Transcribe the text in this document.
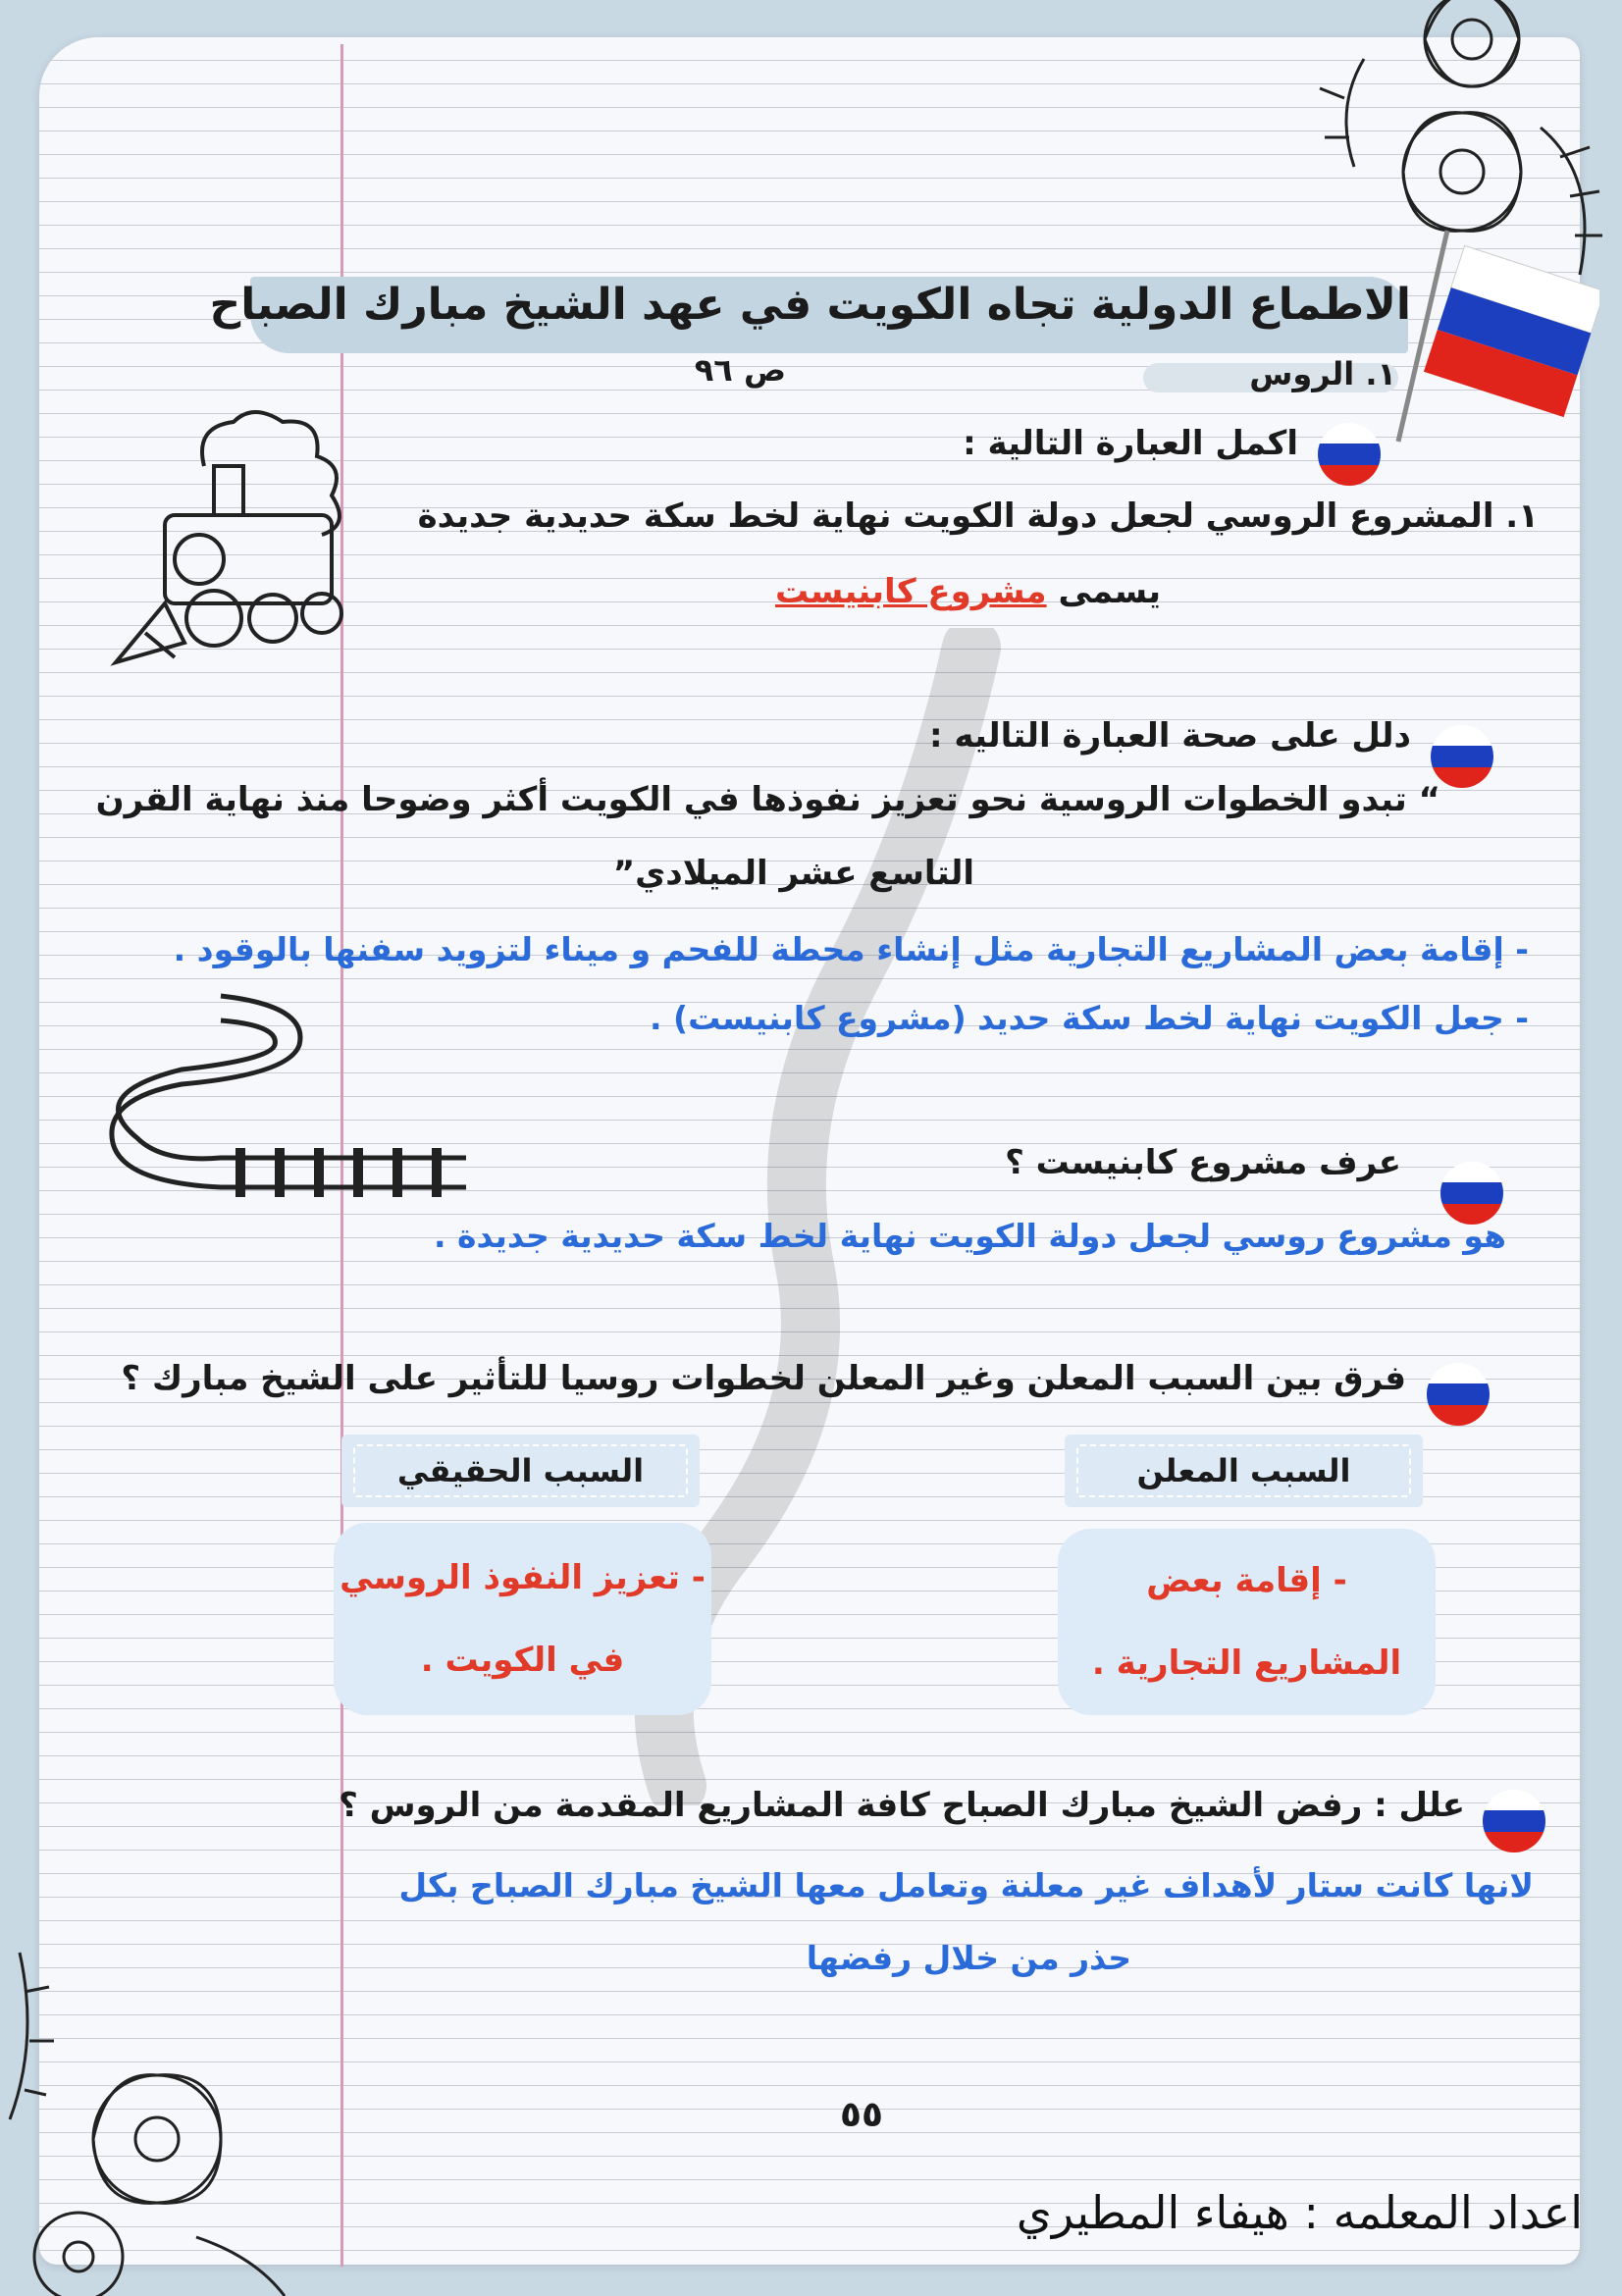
الاطماع الدولية تجاه الكويت في عهد الشيخ مبارك الصباح
١. الروس
ص ٩٦
اكمل العبارة التالية :
١. المشروع الروسي لجعل دولة الكويت نهاية لخط سكة حديدية جديدة
يسمى مشروع كابنيست
دلل على صحة العبارة التاليه :
“ تبدو الخطوات الروسية نحو تعزيز نفوذها في الكويت أكثر وضوحا منذ نهاية القرن
التاسع عشر الميلادي”
- إقامة بعض المشاريع التجارية مثل إنشاء محطة للفحم و ميناء لتزويد سفنها بالوقود .
- جعل الكويت نهاية لخط سكة حديد (مشروع كابنيست) .
عرف مشروع كابنيست ؟
هو مشروع روسي لجعل دولة الكويت نهاية لخط سكة حديدية جديدة .
فرق بين السبب المعلن وغير المعلن لخطوات روسيا للتأثير على الشيخ مبارك ؟
السبب المعلن
السبب الحقيقي
- إقامة بعض
المشاريع التجارية .
- تعزيز النفوذ الروسي
في الكويت .
علل : رفض الشيخ مبارك الصباح كافة المشاريع المقدمة من الروس ؟
لانها كانت ستار لأهداف غير معلنة وتعامل معها الشيخ مبارك الصباح بكل
حذر من خلال رفضها
٥٥
اعداد المعلمه : هيفاء المطيري
